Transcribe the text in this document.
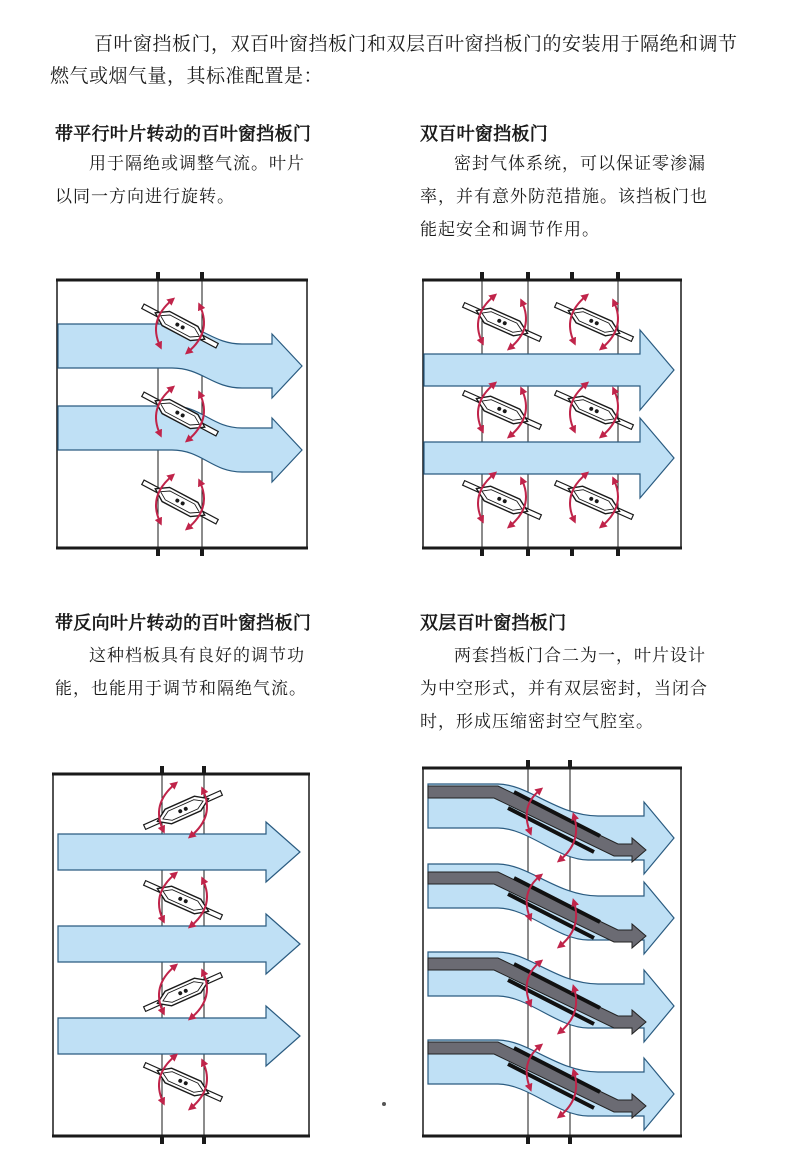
百叶窗挡板门，双百叶窗挡板门和双层百叶窗挡板门的安装用于隔绝和调节
燃气或烟气量，其标准配置是：
带平行叶片转动的百叶窗挡板门
用于隔绝或调整气流。叶片
以同一方向进行旋转。
双百叶窗挡板门
密封气体系统，可以保证零渗漏
率，并有意外防范措施。该挡板门也
能起安全和调节作用。
带反向叶片转动的百叶窗挡板门
这种档板具有良好的调节功
能，也能用于调节和隔绝气流。
双层百叶窗挡板门
两套挡板门合二为一，叶片设计
为中空形式，并有双层密封，当闭合
时，形成压缩密封空气腔室。
